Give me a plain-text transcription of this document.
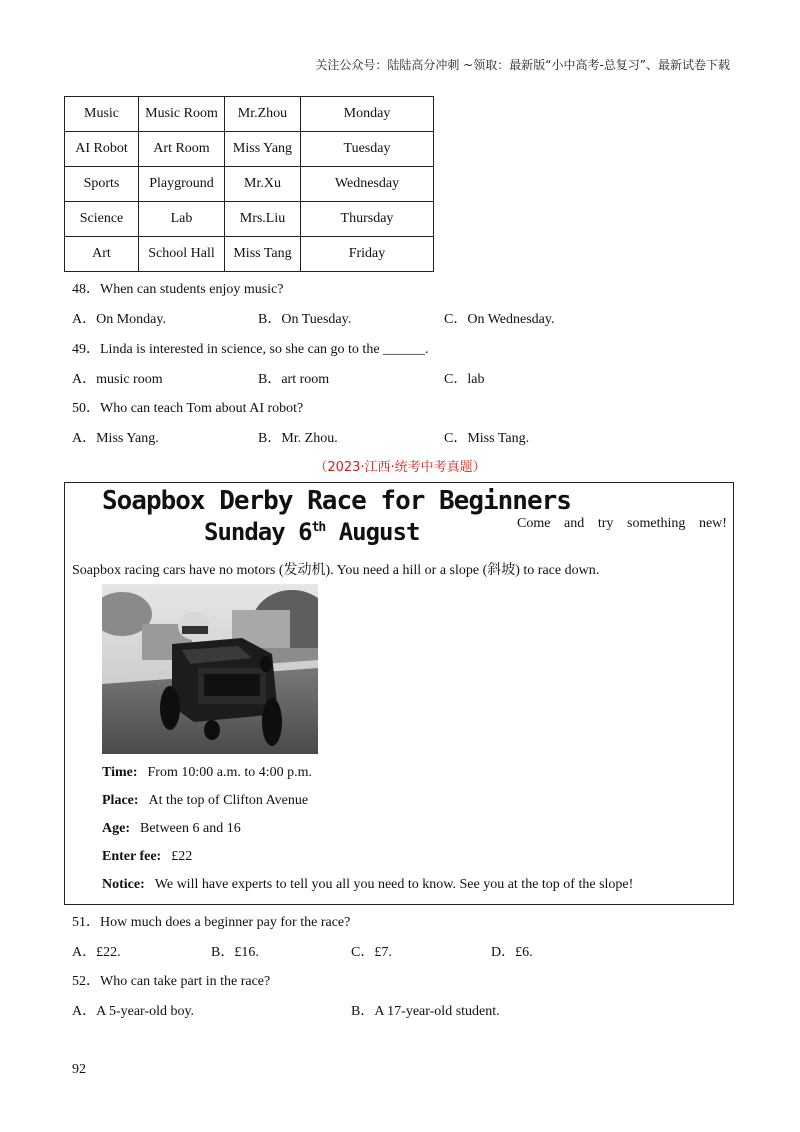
关注公众号：陆陆高分冲刺 ~领取：最新版“小中高考-总复习”、最新试卷下载
Music	Music Room	Mr.Zhou	Monday
AI Robot	Art Room	Miss Yang	Tuesday
Sports	Playground	Mr.Xu	Wednesday
Science	Lab	Mrs.Liu	Thursday
Art	School Hall	Miss Tang	Friday
48．When can students enjoy music?
A．On Monday.	B．On Tuesday.	C．On Wednesday.
49．Linda is interested in science, so she can go to the ______.
A．music room	B．art room	C．lab
50．Who can teach Tom about AI robot?
A．Miss Yang.	B．Mr. Zhou.	C．Miss Tang.
（2023·江西·统考中考真题）
Soapbox Derby Race for Beginners
Sunday 6th August	Come and try something new!
Soapbox racing cars have no motors (发动机). You need a hill or a slope (斜坡) to race down.
Time: From 10:00 a.m. to 4:00 p.m.
Place: At the top of Clifton Avenue
Age: Between 6 and 16
Enter fee: £22
Notice: We will have experts to tell you all you need to know. See you at the top of the slope!
51．How much does a beginner pay for the race?
A．£22.	B．£16.	C．£7.	D．£6.
52．Who can take part in the race?
A．A 5-year-old boy.	B．A 17-year-old student.
92
